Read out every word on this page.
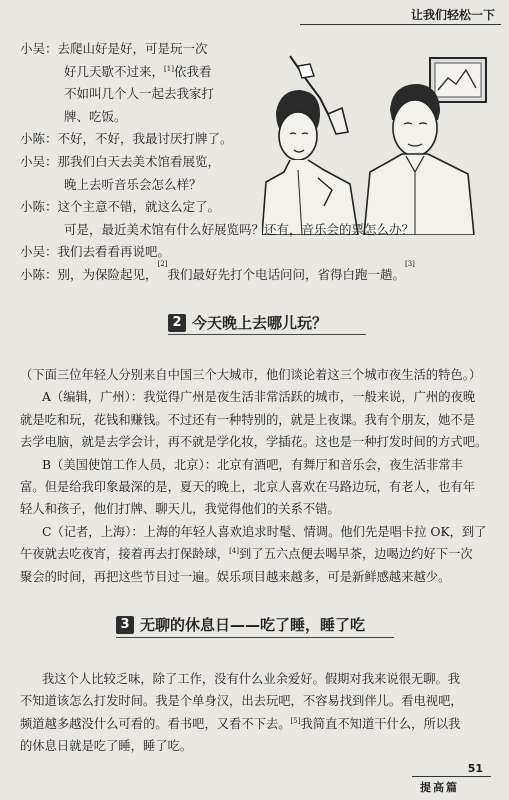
让我们轻松一下
小吴： 去爬山好是好，可是玩一次
好几天歇不过来，[1]依我看
不如叫几个人一起去我家打
牌、吃饭。
小陈： 不好，不好，我最讨厌打牌了。
小吴： 那我们白天去美术馆看展览，
晚上去听音乐会怎么样？
小陈： 这个主意不错，就这么定了。
可是，最近美术馆有什么好展览吗？还有，音乐会的票怎么办？
小吴： 我们去看看再说吧。
小陈： 别，为保险起见，
[2]
我们最好先打个电话问问，省得白跑一趟。
[3]
2 今天晚上去哪儿玩？

（下面三位年轻人分别来自中国三个大城市，他们谈论着这三个城市夜生活的特色。）

A（编辑，广州）：我觉得广州是夜生活非常活跃的城市，一般来说，广州的夜晚

就是吃和玩，花钱和赚钱。不过还有一种特别的，就是上夜课。我有个朋友，她不是

去学电脑，就是去学会计，再不就是学化妆，学插花。这也是一种打发时间的方式吧。

B（美国使馆工作人员，北京）：北京有酒吧，有舞厅和音乐会，夜生活非常丰

富。但是给我印象最深的是，夏天的晚上，北京人喜欢在马路边玩，有老人，也有年

轻人和孩子，他们打牌、聊天儿，我觉得他们的关系不错。

C（记者，上海）：上海的年轻人喜欢追求时髦、情调。他们先是唱卡拉 OK，到了

午夜就去吃夜宵，接着再去打保龄球，[4]到了五六点便去喝早茶，边喝边约好下一次

聚会的时间，再把这些节目过一遍。娱乐项目越来越多，可是新鲜感越来越少。

3 无聊的休息日——吃了睡，睡了吃

我这个人比较乏味，除了工作，没有什么业余爱好。假期对我来说很无聊。我

不知道该怎么打发时间。我是个单身汉，出去玩吧，不容易找到伴儿。看电视吧，

频道越多越没什么可看的。看书吧，又看不下去。[5]我简直不知道干什么，所以我

的休息日就是吃了睡，睡了吃。

51
提高篇
